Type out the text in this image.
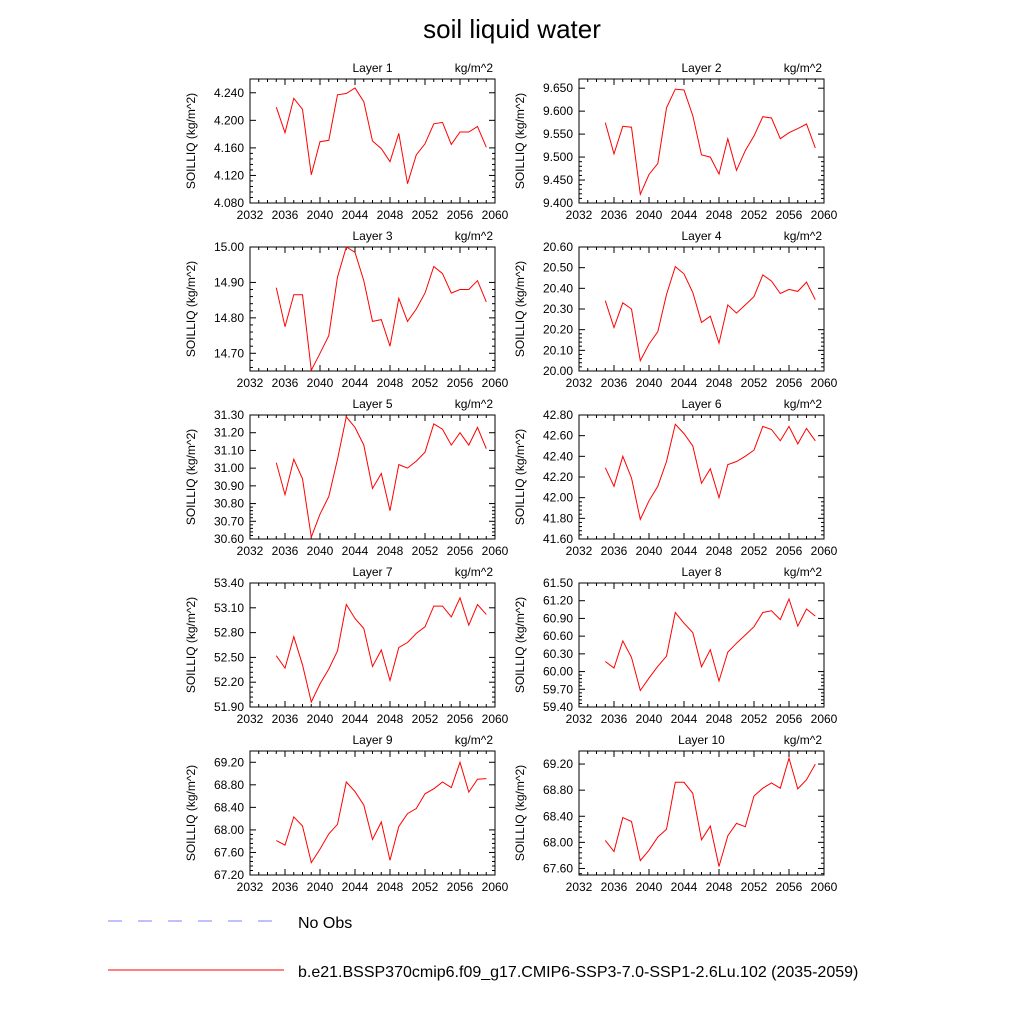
soil liquid water
2032 2036 2040 2044 2048 2052 2056 2060
4.080
4.120
4.160
4.200
4.240
Layer 1	kg/m^2
SOILLIQ (kg/m^2)
2032 2036 2040 2044 2048 2052 2056 2060
9.400
9.450
9.500
9.550
9.600
9.650
Layer 2	kg/m^2
SOILLIQ (kg/m^2)
2032 2036 2040 2044 2048 2052 2056 2060
14.70
14.80
14.90
15.00
Layer 3	kg/m^2
SOILLIQ (kg/m^2)
2032 2036 2040 2044 2048 2052 2056 2060
20.00
20.10
20.20
20.30
20.40
20.50
20.60
Layer 4	kg/m^2
SOILLIQ (kg/m^2)
2032 2036 2040 2044 2048 2052 2056 2060
30.60
30.70
30.80
30.90
31.00
31.10
31.20
31.30
Layer 5	kg/m^2
SOILLIQ (kg/m^2)
2032 2036 2040 2044 2048 2052 2056 2060
41.60
41.80
42.00
42.20
42.40
42.60
42.80
Layer 6	kg/m^2
SOILLIQ (kg/m^2)
2032 2036 2040 2044 2048 2052 2056 2060
51.90
52.20
52.50
52.80
53.10
53.40
Layer 7	kg/m^2
SOILLIQ (kg/m^2)
2032 2036 2040 2044 2048 2052 2056 2060
59.40
59.70
60.00
60.30
60.60
60.90
61.20
61.50
Layer 8	kg/m^2
SOILLIQ (kg/m^2)
2032 2036 2040 2044 2048 2052 2056 2060
67.20
67.60
68.00
68.40
68.80
69.20
Layer 9	kg/m^2
SOILLIQ (kg/m^2)
2032 2036 2040 2044 2048 2052 2056 2060
67.60
68.00
68.40
68.80
69.20
Layer 10	kg/m^2
SOILLIQ (kg/m^2)
No Obs
b.e21.BSSP370cmip6.f09_g17.CMIP6-SSP3-7.0-SSP1-2.6Lu.102 (2035-2059)
